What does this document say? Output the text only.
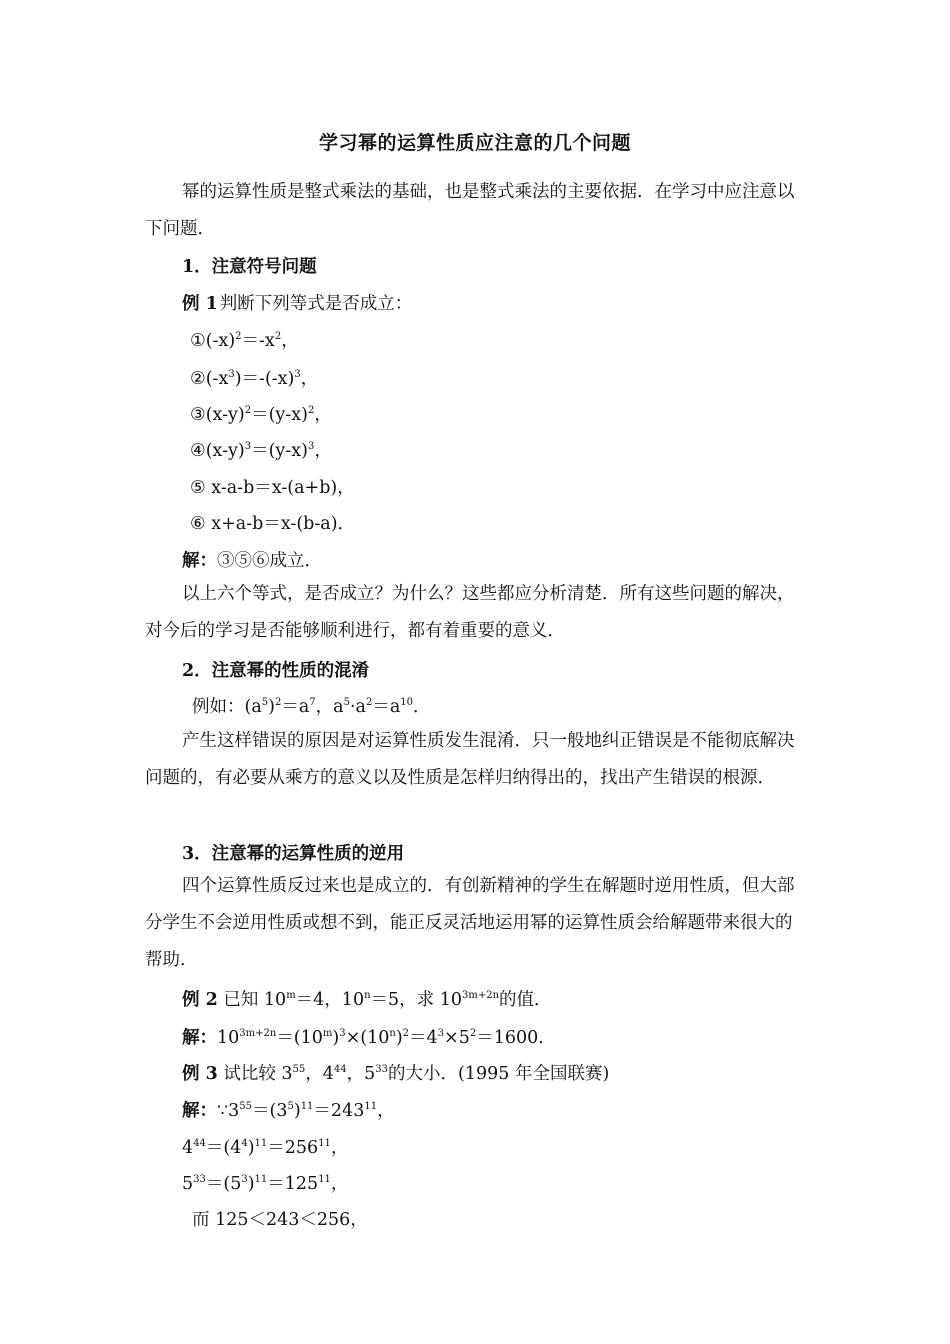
学习幂的运算性质应注意的几个问题
幂的运算性质是整式乘法的基础，也是整式乘法的主要依据．在学习中应注意以下问题．
1．注意符号问题
例 1 判断下列等式是否成立：
$①(-x)^2=-x^2$，
$②(-x^3)=-(-x)^3$，
$③(x-y)^2=(y-x)^2$，
$④(x-y)^3=(y-x)^3$，
⑤ x-a-b＝x-(a+b)，
⑥ x+a-b＝x-(b-a)．
解：③⑤⑥成立．
以上六个等式，是否成立？为什么？这些都应分析清楚．所有这些问题的解决，对今后的学习是否能够顺利进行，都有着重要的意义．
2．注意幂的性质的混淆
例如：$(a^5)^2=a^7$，$a^5\cdot a^2=a^{10}$．
产生这样错误的原因是对运算性质发生混淆．只一般地纠正错误是不能彻底解决问题的，有必要从乘方的意义以及性质是怎样归纳得出的，找出产生错误的根源．
3．注意幂的运算性质的逆用
四个运算性质反过来也是成立的．有创新精神的学生在解题时逆用性质，但大部分学生不会逆用性质或想不到，能正反灵活地运用幂的运算性质会给解题带来很大的帮助．
例 2 已知 $10^m=4$，$10^n=5$，求 $10^{3m+2n}$的值．
解：$10^{3m+2n}=(10^m)^3\times(10^n)^2=4^3\times 5^2=1600$．
例 3 试比较 $3^{55}$，$4^{44}$，$5^{33}$的大小．(1995 年全国联赛)
解：$\because 3^{55}=(3^5)^{11}=243^{11}$，
$4^{44}=(4^4)^{11}=256^{11}$，
$5^{33}=(5^3)^{11}=125^{11}$，
而 125＜243＜256，
